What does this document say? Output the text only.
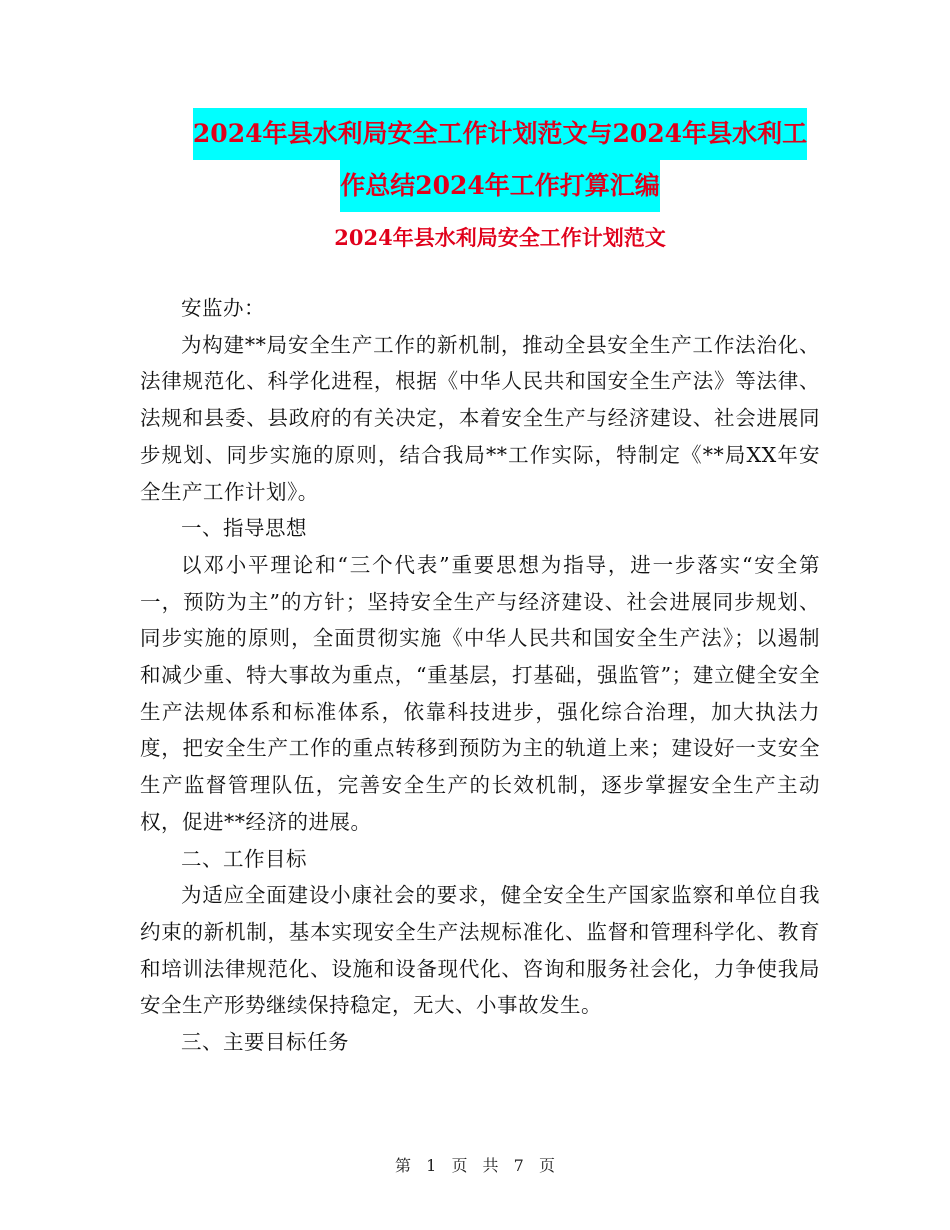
2024年县水利局安全工作计划范文与2024年县水利工
作总结2024年工作打算汇编
2024年县水利局安全工作计划范文

安监办：

为构建**局安全生产工作的新机制，推动全县安全生产工作法治化、法律规范化、科学化进程，根据《中华人民共和国安全生产法》等法律、法规和县委、县政府的有关决定，本着安全生产与经济建设、社会进展同步规划、同步实施的原则，结合我局**工作实际，特制定《**局XX年安全生产工作计划》。

一、指导思想

以邓小平理论和“三个代表”重要思想为指导，进一步落实“安全第一，预防为主”的方针；坚持安全生产与经济建设、社会进展同步规划、同步实施的原则，全面贯彻实施《中华人民共和国安全生产法》；以遏制和减少重、特大事故为重点，“重基层，打基础，强监管”；建立健全安全生产法规体系和标准体系，依靠科技进步，强化综合治理，加大执法力度，把安全生产工作的重点转移到预防为主的轨道上来；建设好一支安全生产监督管理队伍，完善安全生产的长效机制，逐步掌握安全生产主动权，促进**经济的进展。

二、工作目标

为适应全面建设小康社会的要求，健全安全生产国家监察和单位自我约束的新机制，基本实现安全生产法规标准化、监督和管理科学化、教育和培训法律规范化、设施和设备现代化、咨询和服务社会化，力争使我局安全生产形势继续保持稳定，无大、小事故发生。

三、主要目标任务

第 1 页 共 7 页
